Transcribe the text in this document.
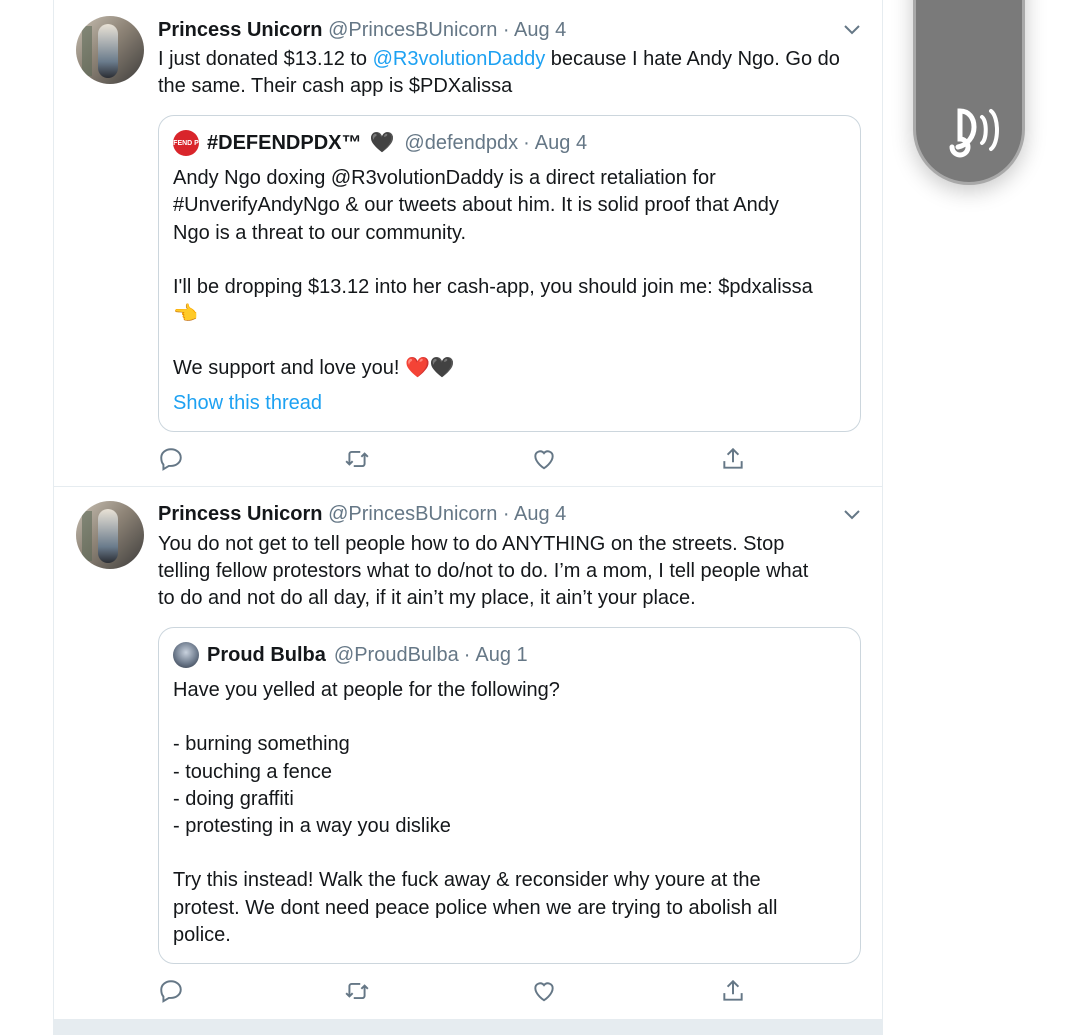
Princess Unicorn @PrincesBUnicorn · Aug 4
I just donated $13.12 to @R3volutionDaddy because I hate Andy Ngo. Go do the same. Their cash app is $PDXalissa
DEFEND PDX
#DEFENDPDX™ 🖤 @defendpdx · Aug 4
Andy Ngo doxing @R3volutionDaddy is a direct retaliation for
#UnverifyAndyNgo & our tweets about him. It is solid proof that Andy
Ngo is a threat to our community.
I'll be dropping $13.12 into her cash-app, you should join me: $pdxalissa
👈
We support and love you! ❤️🖤
Show this thread
Princess Unicorn @PrincesBUnicorn · Aug 4
You do not get to tell people how to do ANYTHING on the streets. Stop
telling fellow protestors what to do/not to do. I’m a mom, I tell people what
to do and not do all day, if it ain’t my place, it ain’t your place.
Proud Bulba @ProudBulba · Aug 1
Have you yelled at people for the following?
- burning something
- touching a fence
- doing graffiti
- protesting in a way you dislike
Try this instead! Walk the fuck away & reconsider why youre at the
protest. We dont need peace police when we are trying to abolish all
police.
